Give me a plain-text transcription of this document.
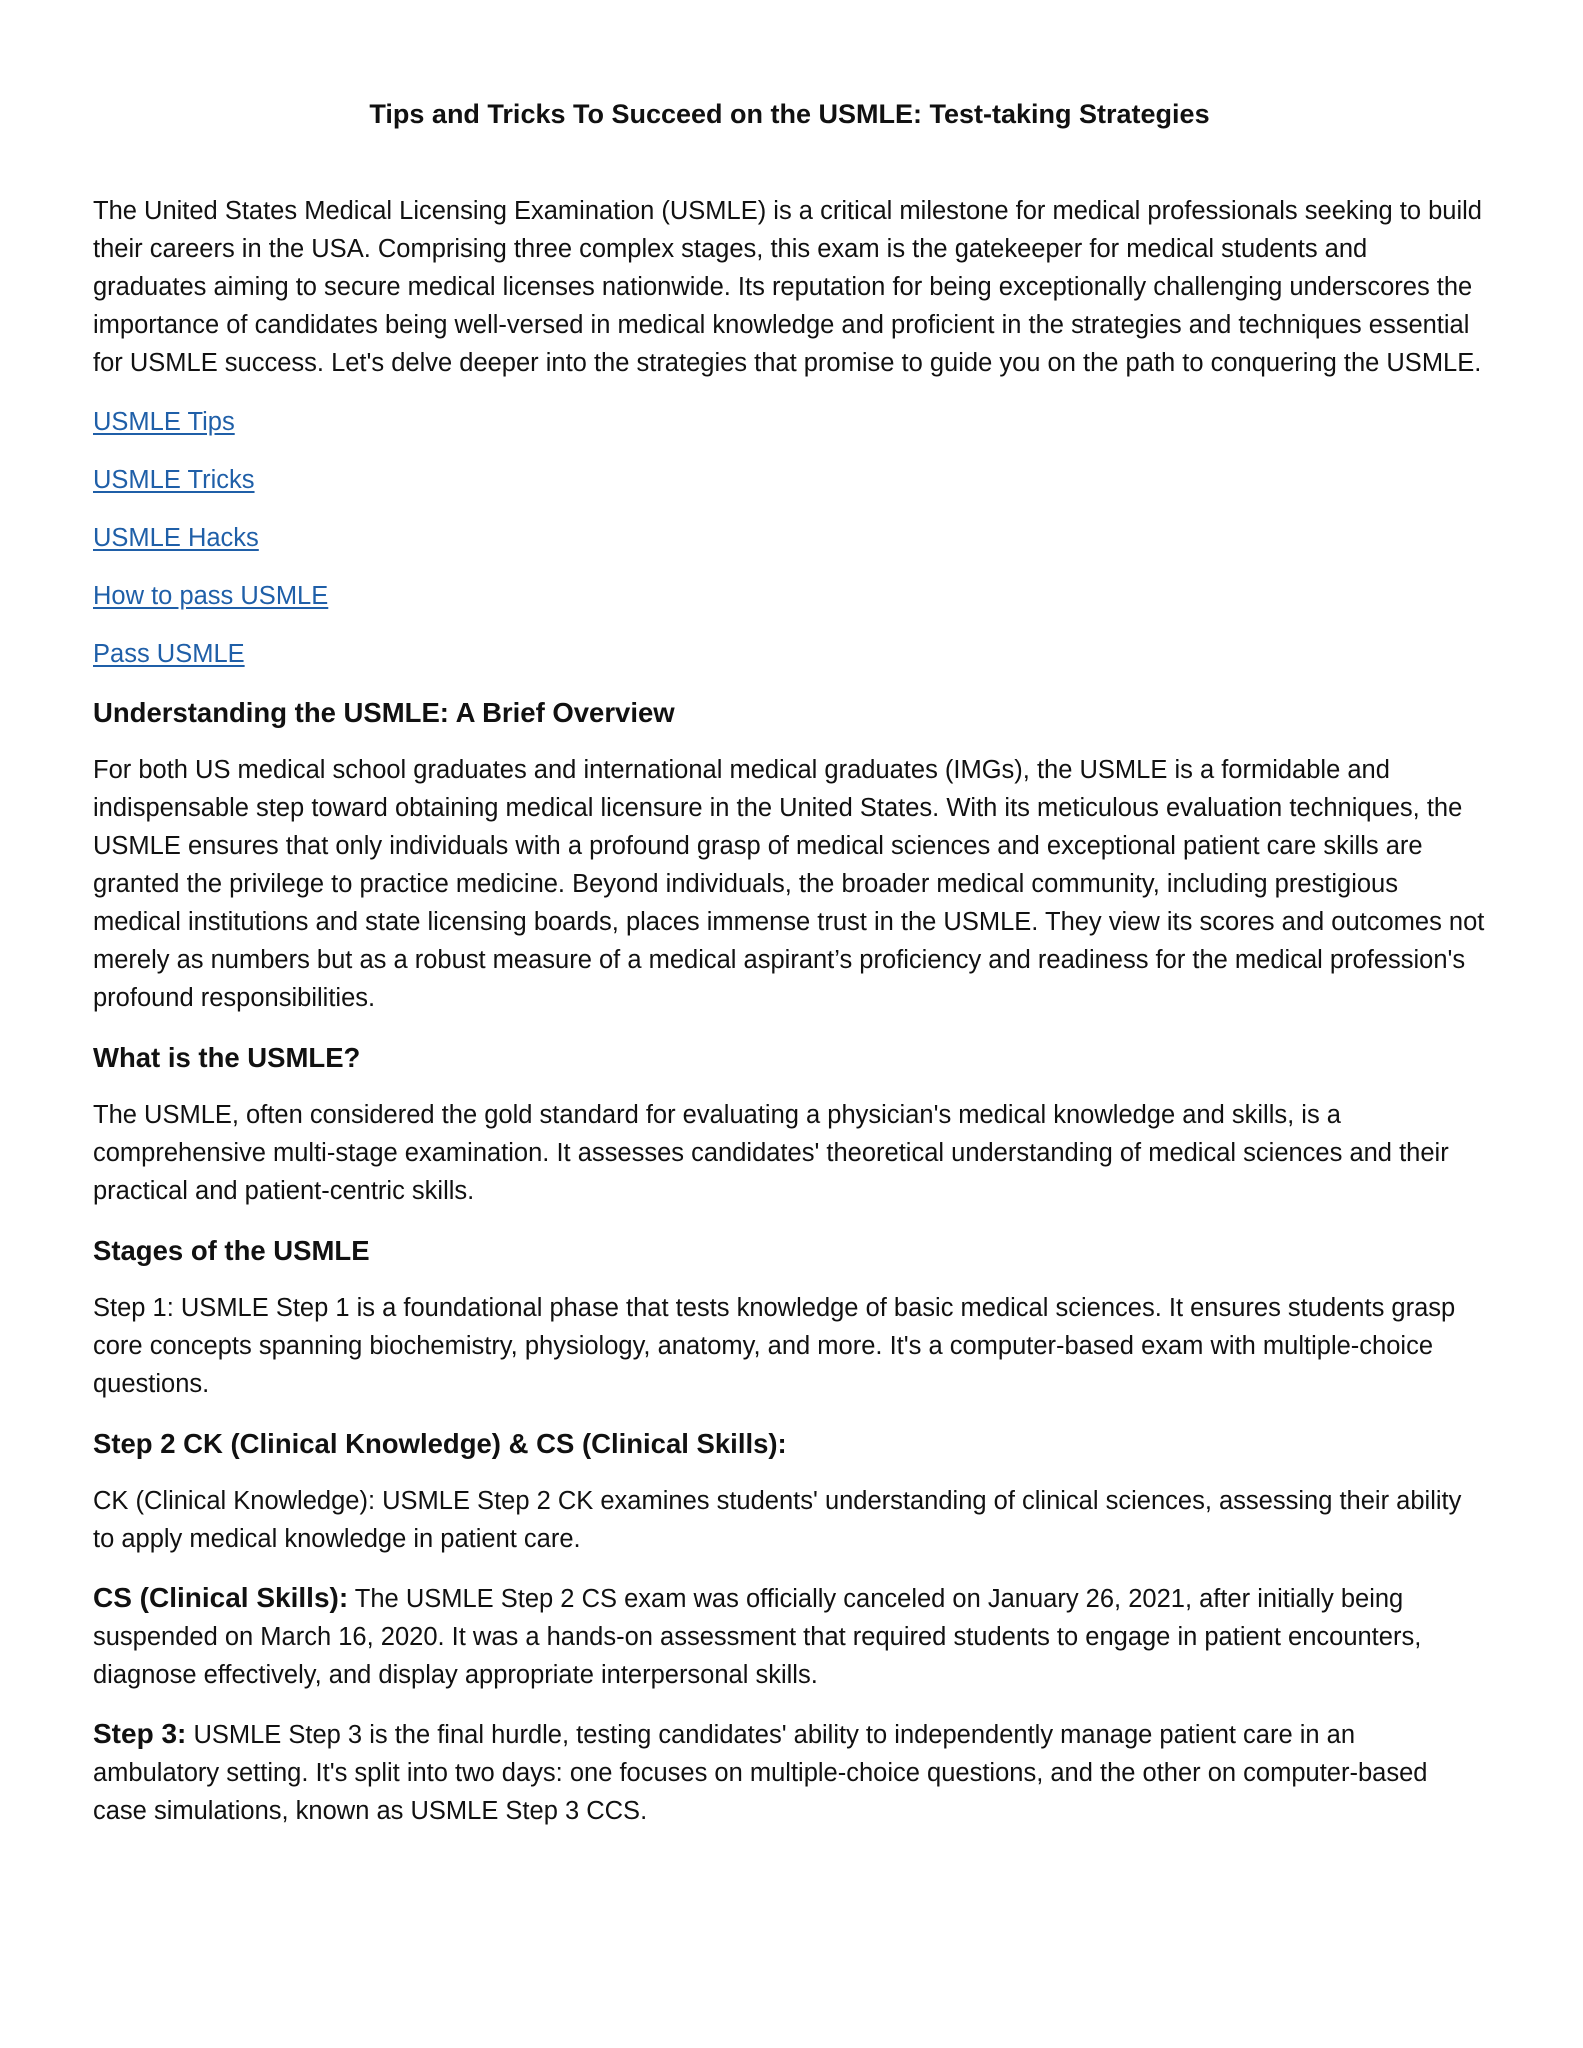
Tips and Tricks To Succeed on the USMLE: Test-taking Strategies

The United States Medical Licensing Examination (USMLE) is a critical milestone for medical professionals seeking to build their careers in the USA. Comprising three complex stages, this exam is the gatekeeper for medical students and graduates aiming to secure medical licenses nationwide. Its reputation for being exceptionally challenging underscores the importance of candidates being well-versed in medical knowledge and proficient in the strategies and techniques essential for USMLE success. Let's delve deeper into the strategies that promise to guide you on the path to conquering the USMLE.

USMLE Tips
USMLE Tricks
USMLE Hacks
How to pass USMLE
Pass USMLE
Understanding the USMLE: A Brief Overview

For both US medical school graduates and international medical graduates (IMGs), the USMLE is a formidable and indispensable step toward obtaining medical licensure in the United States. With its meticulous evaluation techniques, the USMLE ensures that only individuals with a profound grasp of medical sciences and exceptional patient care skills are granted the privilege to practice medicine. Beyond individuals, the broader medical community, including prestigious medical institutions and state licensing boards, places immense trust in the USMLE. They view its scores and outcomes not merely as numbers but as a robust measure of a medical aspirant’s proficiency and readiness for the medical profession's profound responsibilities.

What is the USMLE?

The USMLE, often considered the gold standard for evaluating a physician's medical knowledge and skills, is a comprehensive multi-stage examination. It assesses candidates' theoretical understanding of medical sciences and their practical and patient-centric skills.

Stages of the USMLE

Step 1: USMLE Step 1 is a foundational phase that tests knowledge of basic medical sciences. It ensures students grasp core concepts spanning biochemistry, physiology, anatomy, and more. It's a computer-based exam with multiple-choice questions.

Step 2 CK (Clinical Knowledge) & CS (Clinical Skills):

CK (Clinical Knowledge): USMLE Step 2 CK examines students' understanding of clinical sciences, assessing their ability to apply medical knowledge in patient care.

CS (Clinical Skills): The USMLE Step 2 CS exam was officially canceled on January 26, 2021, after initially being suspended on March 16, 2020. It was a hands-on assessment that required students to engage in patient encounters, diagnose effectively, and display appropriate interpersonal skills.

Step 3: USMLE Step 3 is the final hurdle, testing candidates' ability to independently manage patient care in an ambulatory setting. It's split into two days: one focuses on multiple-choice questions, and the other on computer-based case simulations, known as USMLE Step 3 CCS.
